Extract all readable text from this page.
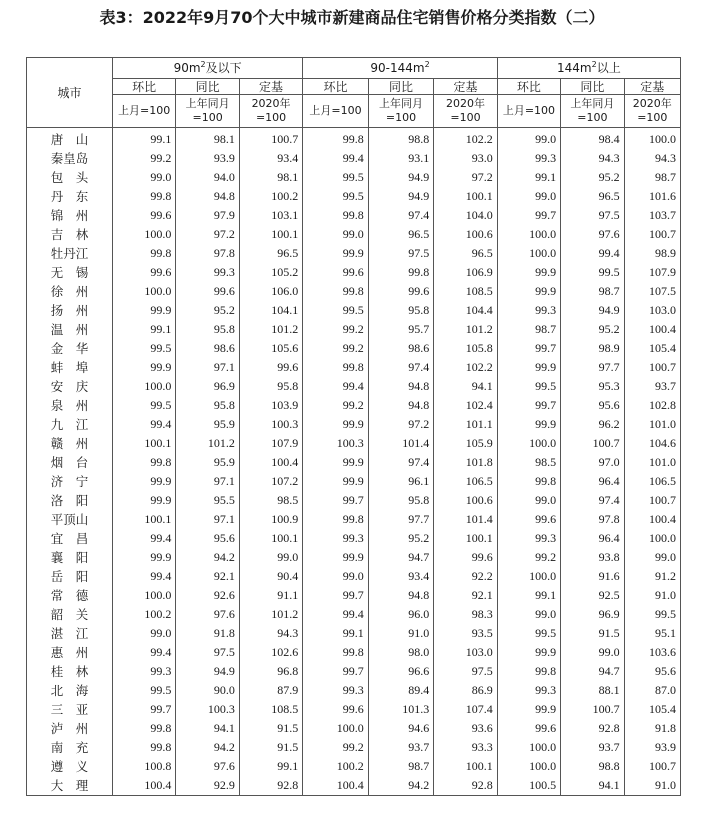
表3：2022年9月70个大中城市新建商品住宅销售价格分类指数（二）
城市	$90m^2$及以下			$90-144m^2$			$144m^2$以上		
	环比	同比	定基	环比	同比	定基	环比	同比	定基
	上月=100	上年同月=100	2020年=100	上月=100	上年同月=100	2020年=100	上月=100	上年同月=100	2020年=100
唐　山	99.1	98.1	100.7	99.8	98.8	102.2	99.0	98.4	100.0
秦皇岛	99.2	93.9	93.4	99.4	93.1	93.0	99.3	94.3	94.3
包　头	99.0	94.0	98.1	99.5	94.9	97.2	99.1	95.2	98.7
丹　东	99.8	94.8	100.2	99.5	94.9	100.1	99.0	96.5	101.6
锦　州	99.6	97.9	103.1	99.8	97.4	104.0	99.7	97.5	103.7
吉　林	100.0	97.2	100.1	99.0	96.5	100.6	100.0	97.6	100.7
牡丹江	99.8	97.8	96.5	99.9	97.5	96.5	100.0	99.4	98.9
无　锡	99.6	99.3	105.2	99.6	99.8	106.9	99.9	99.5	107.9
徐　州	100.0	99.6	106.0	99.8	99.6	108.5	99.9	98.7	107.5
扬　州	99.9	95.2	104.1	99.5	95.8	104.4	99.3	94.9	103.0
温　州	99.1	95.8	101.2	99.2	95.7	101.2	98.7	95.2	100.4
金　华	99.5	98.6	105.6	99.2	98.6	105.8	99.7	98.9	105.4
蚌　埠	99.9	97.1	99.6	99.8	97.4	102.2	99.9	97.7	100.7
安　庆	100.0	96.9	95.8	99.4	94.8	94.1	99.5	95.3	93.7
泉　州	99.5	95.8	103.9	99.2	94.8	102.4	99.7	95.6	102.8
九　江	99.4	95.9	100.3	99.9	97.2	101.1	99.9	96.2	101.0
赣　州	100.1	101.2	107.9	100.3	101.4	105.9	100.0	100.7	104.6
烟　台	99.8	95.9	100.4	99.9	97.4	101.8	98.5	97.0	101.0
济　宁	99.9	97.1	107.2	99.9	96.1	106.5	99.8	96.4	106.5
洛　阳	99.9	95.5	98.5	99.7	95.8	100.6	99.0	97.4	100.7
平顶山	100.1	97.1	100.9	99.8	97.7	101.4	99.6	97.8	100.4
宜　昌	99.4	95.6	100.1	99.3	95.2	100.1	99.3	96.4	100.0
襄　阳	99.9	94.2	99.0	99.9	94.7	99.6	99.2	93.8	99.0
岳　阳	99.4	92.1	90.4	99.0	93.4	92.2	100.0	91.6	91.2
常　德	100.0	92.6	91.1	99.7	94.8	92.1	99.1	92.5	91.0
韶　关	100.2	97.6	101.2	99.4	96.0	98.3	99.0	96.9	99.5
湛　江	99.0	91.8	94.3	99.1	91.0	93.5	99.5	91.5	95.1
惠　州	99.4	97.5	102.6	99.8	98.0	103.0	99.9	99.0	103.6
桂　林	99.3	94.9	96.8	99.7	96.6	97.5	99.8	94.7	95.6
北　海	99.5	90.0	87.9	99.3	89.4	86.9	99.3	88.1	87.0
三　亚	99.7	100.3	108.5	99.6	101.3	107.4	99.9	100.7	105.4
泸　州	99.8	94.1	91.5	100.0	94.6	93.6	99.6	92.8	91.8
南　充	99.8	94.2	91.5	99.2	93.7	93.3	100.0	93.7	93.9
遵　义	100.8	97.6	99.1	100.2	98.7	100.1	100.0	98.8	100.7
大　理	100.4	92.9	92.8	100.4	94.2	92.8	100.5	94.1	91.0
